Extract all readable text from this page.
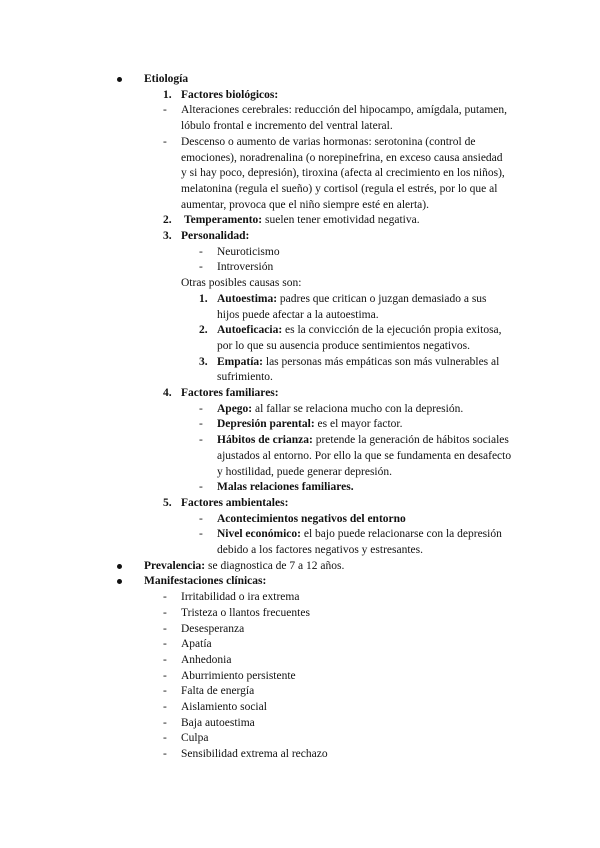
Etiología
1. Factores biológicos:
- Alteraciones cerebrales: reducción del hipocampo, amígdala, putamen,
lóbulo frontal e incremento del ventral lateral.
- Descenso o aumento de varias hormonas: serotonina (control de
emociones), noradrenalina (o norepinefrina, en exceso causa ansiedad
y si hay poco, depresión), tiroxina (afecta al crecimiento en los niños),
melatonina (regula el sueño) y cortisol (regula el estrés, por lo que al
aumentar, provoca que el niño siempre esté en alerta).
2. Temperamento: suelen tener emotividad negativa.
3. Personalidad:
- Neuroticismo
- Introversión
Otras posibles causas son:
1. Autoestima: padres que critican o juzgan demasiado a sus
hijos puede afectar a la autoestima.
2. Autoeficacia: es la convicción de la ejecución propia exitosa,
por lo que su ausencia produce sentimientos negativos.
3. Empatía: las personas más empáticas son más vulnerables al
sufrimiento.
4. Factores familiares:
- Apego: al fallar se relaciona mucho con la depresión.
- Depresión parental: es el mayor factor.
- Hábitos de crianza: pretende la generación de hábitos sociales
ajustados al entorno. Por ello la que se fundamenta en desafecto
y hostilidad, puede generar depresión.
- Malas relaciones familiares.
5. Factores ambientales:
- Acontecimientos negativos del entorno
- Nivel económico: el bajo puede relacionarse con la depresión
debido a los factores negativos y estresantes.
Prevalencia: se diagnostica de 7 a 12 años.
Manifestaciones clínicas:
- Irritabilidad o ira extrema
- Tristeza o llantos frecuentes
- Desesperanza
- Apatía
- Anhedonia
- Aburrimiento persistente
- Falta de energía
- Aislamiento social
- Baja autoestima
- Culpa
- Sensibilidad extrema al rechazo
